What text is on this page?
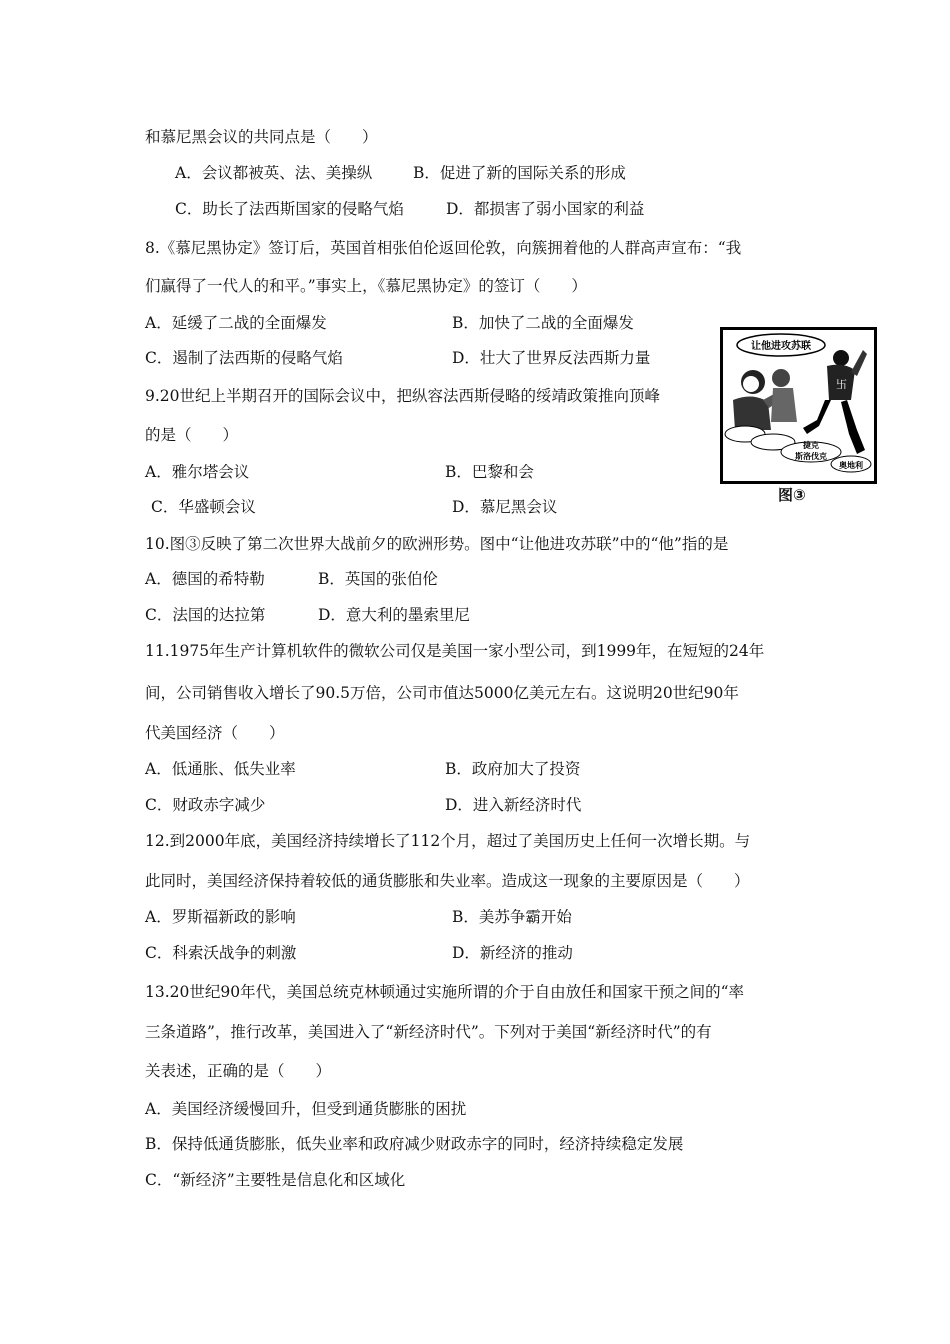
和慕尼黑会议的共同点是（　　）
A．会议都被英、法、美操纵	B．促进了新的国际关系的形成
C．助长了法西斯国家的侵略气焰	D．都损害了弱小国家的利益
8.《慕尼黑协定》签订后，英国首相张伯伦返回伦敦，向簇拥着他的人群高声宣布：“我
们赢得了一代人的和平。”事实上，《慕尼黑协定》的签订（　　）
A．延缓了二战的全面爆发	B．加快了二战的全面爆发
C．遏制了法西斯的侵略气焰	D．壮大了世界反法西斯力量
9.20世纪上半期召开的国际会议中，把纵容法西斯侵略的绥靖政策推向顶峰
的是（　　）
A．雅尔塔会议	B．巴黎和会
C．华盛顿会议	D．慕尼黑会议
让他进攻苏联
卐
捷克
斯洛伐克
奥地利
图③
10.图③反映了第二次世界大战前夕的欧洲形势。图中“让他进攻苏联”中的“他”指的是
A．德国的希特勒	B．英国的张伯伦
C．法国的达拉第	D．意大利的墨索里尼
11.1975年生产计算机软件的微软公司仅是美国一家小型公司，到1999年，在短短的24年
间，公司销售收入增长了90.5万倍，公司市值达5000亿美元左右。这说明20世纪90年
代美国经济（　　）
A．低通胀、低失业率	B．政府加大了投资
C．财政赤字减少	D．进入新经济时代
12.到2000年底，美国经济持续增长了112个月，超过了美国历史上任何一次增长期。与
此同时，美国经济保持着较低的通货膨胀和失业率。造成这一现象的主要原因是（　　）
A．罗斯福新政的影响	B．美苏争霸开始
C．科索沃战争的刺激	D．新经济的推动
13.20世纪90年代，美国总统克林顿通过实施所谓的介于自由放任和国家干预之间的“率
三条道路”，推行改革，美国进入了“新经济时代”。下列对于美国“新经济时代”的有
关表述，正确的是（　　）
A．美国经济缓慢回升，但受到通货膨胀的困扰
B．保持低通货膨胀，低失业率和政府减少财政赤字的同时，经济持续稳定发展
C．“新经济”主要牲是信息化和区域化
